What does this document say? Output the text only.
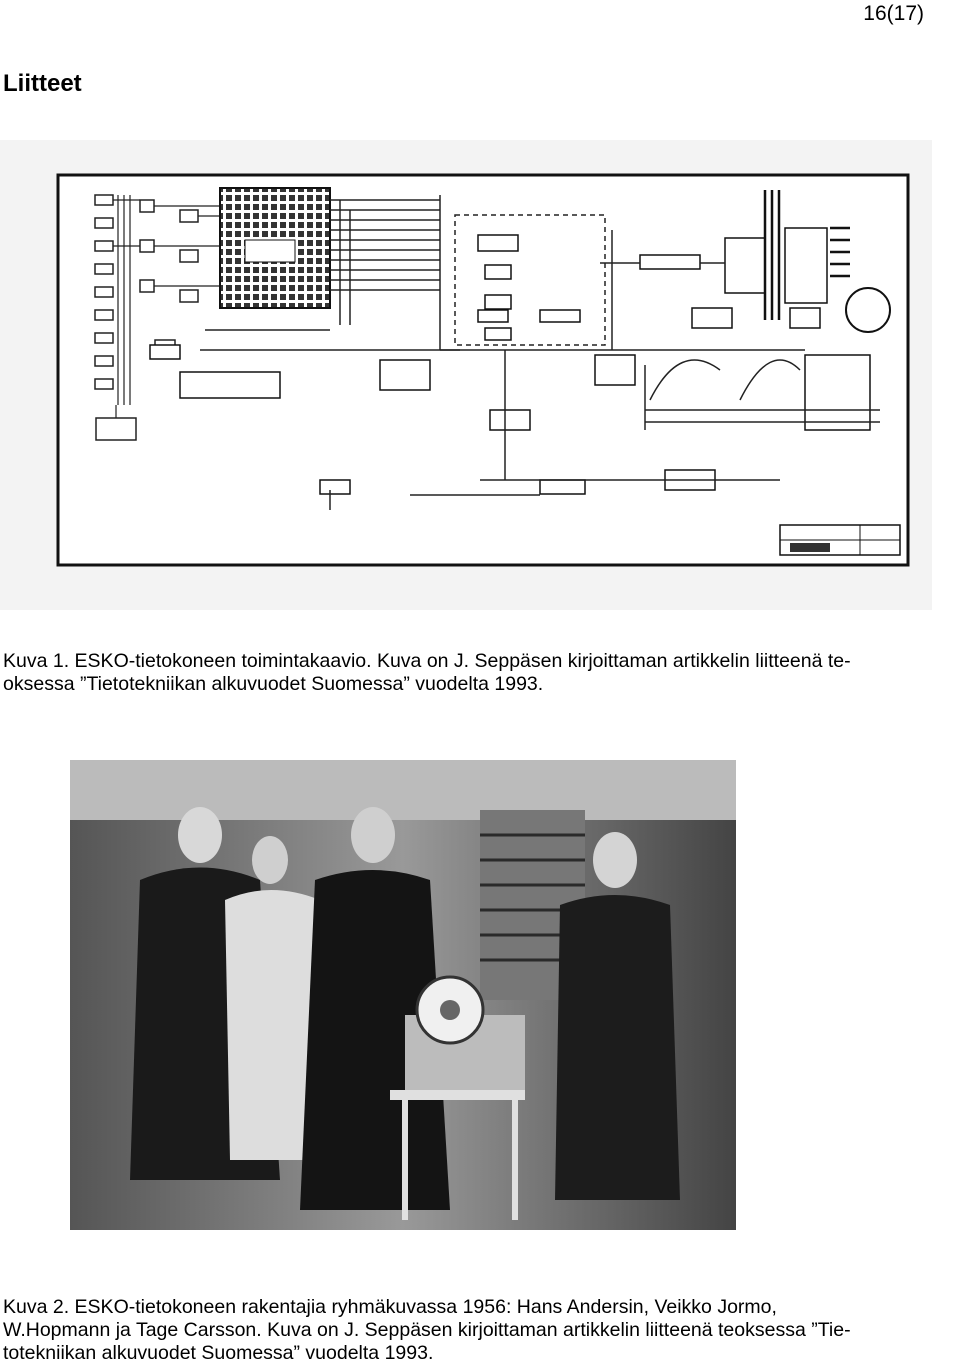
16(17)
Liitteet

Kuva 1. ESKO-tietokoneen toimintakaavio. Kuva on J. Seppäsen kirjoittaman artikkelin liitteenä te-
oksessa ”Tietotekniikan alkuvuodet Suomessa” vuodelta 1993.

Kuva 2. ESKO-tietokoneen rakentajia ryhmäkuvassa 1956: Hans Andersin, Veikko Jormo,
W.Hopmann ja Tage Carsson. Kuva on J. Seppäsen kirjoittaman artikkelin liitteenä teoksessa ”Tie-
totekniikan alkuvuodet Suomessa” vuodelta 1993.
